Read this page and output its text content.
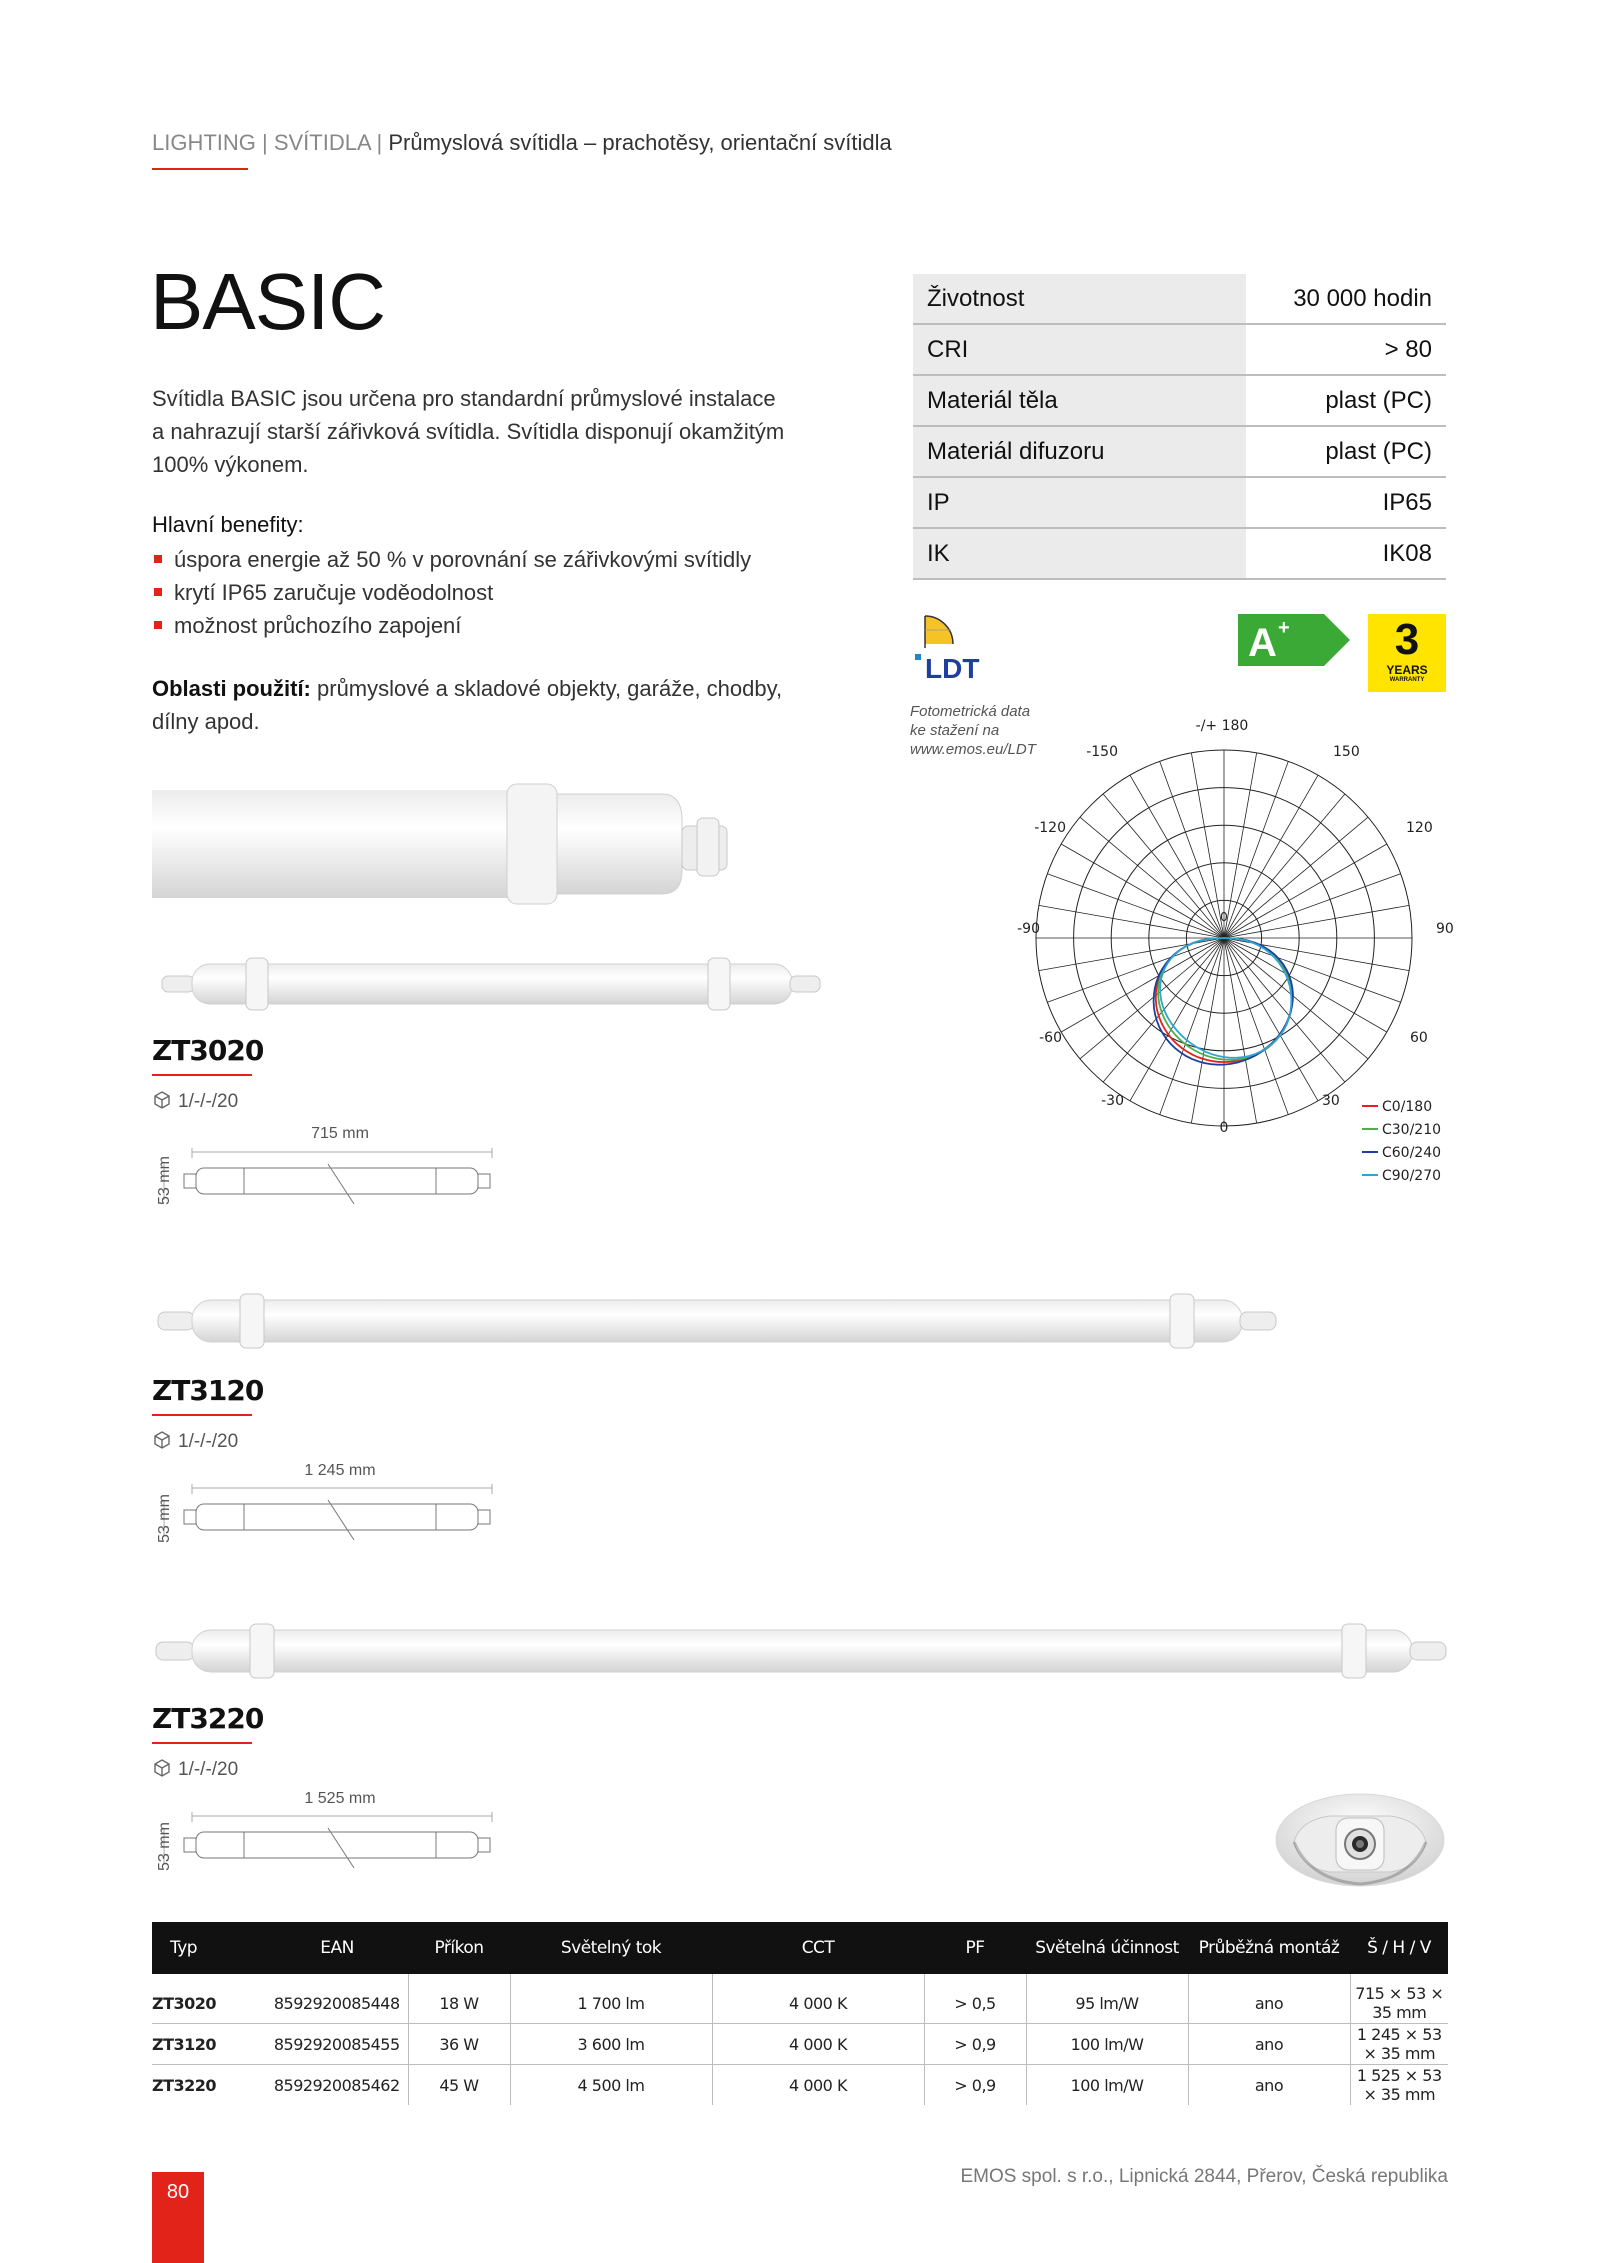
LIGHTING | SVÍTIDLA | Průmyslová svítidla – prachotěsy, orientační svítidla
BASIC
Svítidla BASIC jsou určena pro standardní průmyslové instalace a nahrazují starší zářivková svítidla. Svítidla disponují okamžitým 100% výkonem.
Hlavní benefity:
úspora energie až 50 % v porovnání se zářivkovými svítidly
krytí IP65 zaručuje voděodolnost
možnost průchozího zapojení
Oblasti použití: průmyslové a skladové objekty, garáže, chodby, dílny apod.
Životnost	30 000 hodin
CRI	> 80
Materiál těla	plast (PC)
Materiál difuzoru	plast (PC)
IP	IP65
IK	IK08
LDT
A +	3
YEARS
WARRANTY
Fotometrická data ke stažení na www.emos.eu/LDT
-/+ 180
-150	150
-120	120
-90	90
-60	60
-30	30
0
0
C0/180
C30/210
C60/240
C90/270
ZT3020
1/-/-/20
715 mm
53 mm
ZT3120
1/-/-/20
1 245 mm
53 mm
ZT3220
1/-/-/20
1 525 mm
53 mm
Typ	EAN	Příkon	Světelný tok	CCT	PF	Světelná účinnost	Průběžná montáž	Š / H / V
ZT3020	8592920085448	18 W	1 700 lm	4 000 K	> 0,5	95 lm/W	ano	715 × 53 × 35 mm
ZT3120	8592920085455	36 W	3 600 lm	4 000 K	> 0,9	100 lm/W	ano	1 245 × 53 × 35 mm
ZT3220	8592920085462	45 W	4 500 lm	4 000 K	> 0,9	100 lm/W	ano	1 525 × 53 × 35 mm
80
EMOS spol. s r.o., Lipnická 2844, Přerov, Česká republika
